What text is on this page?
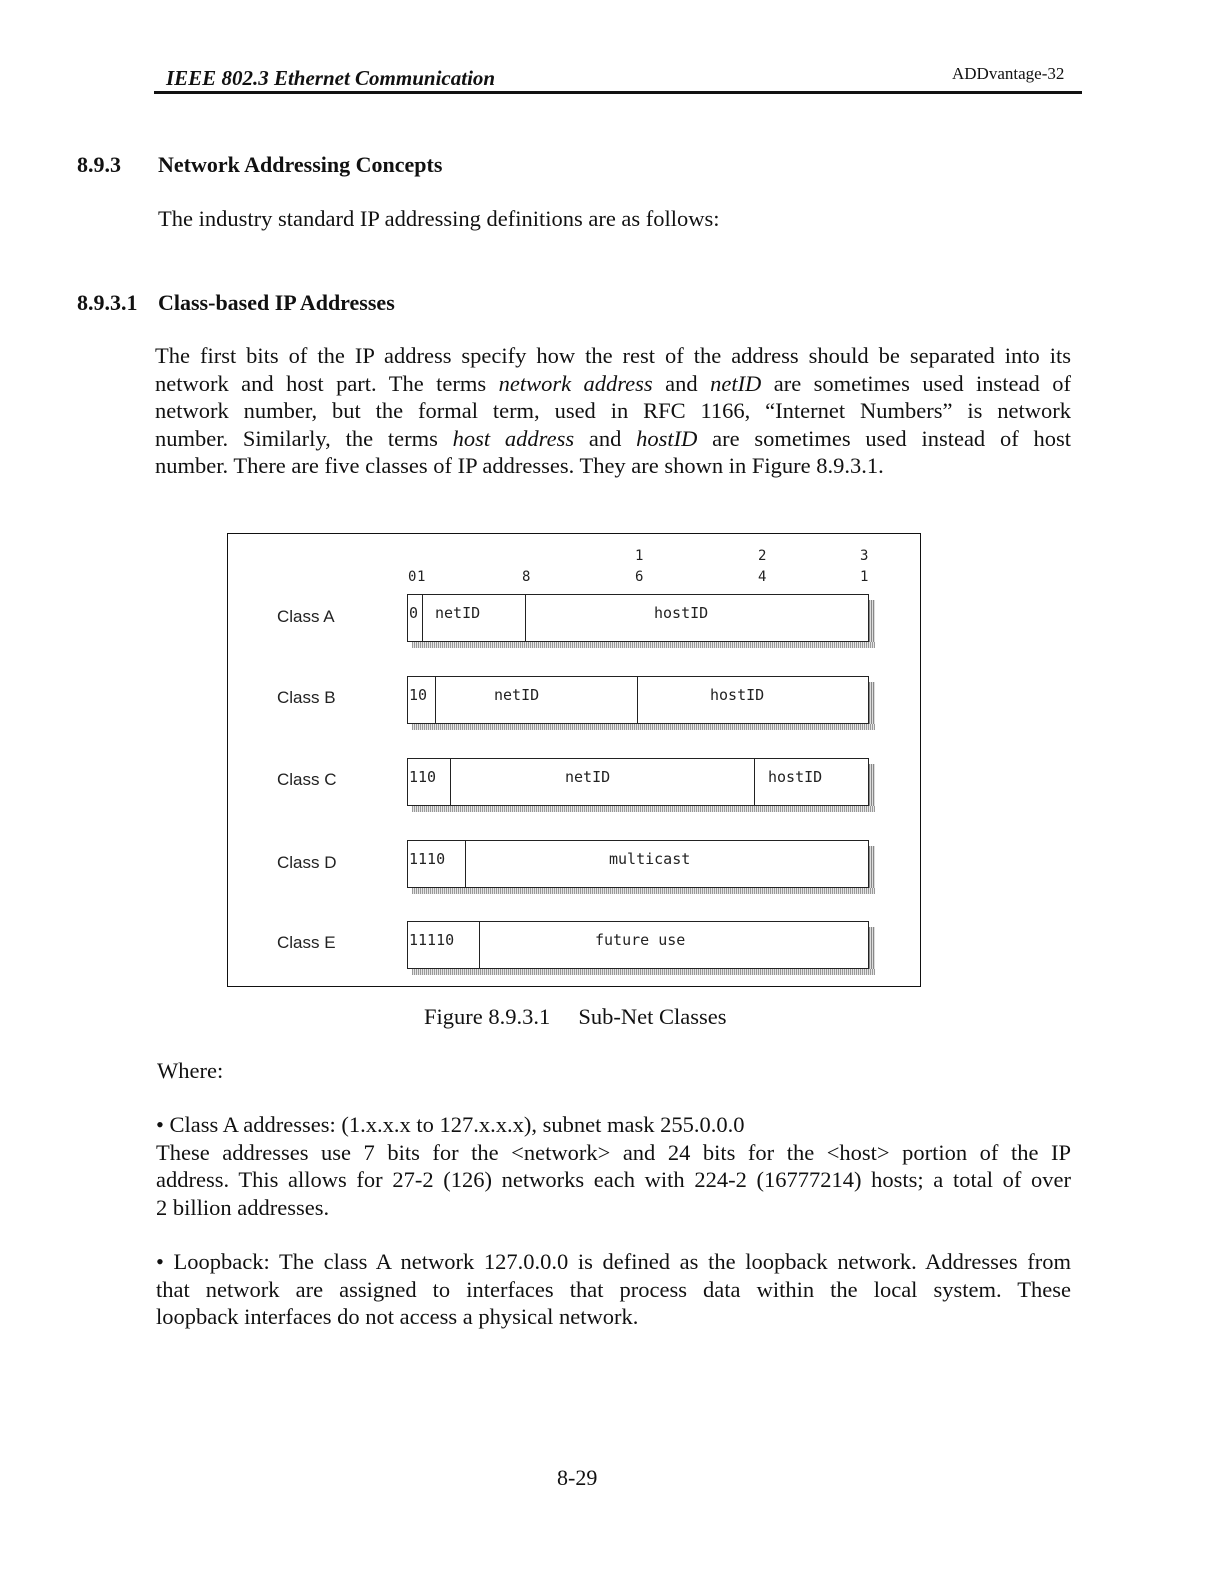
IEEE 802.3 Ethernet Communication	ADDvantage-32
8.9.3 Network Addressing Concepts
The industry standard IP addressing definitions are as follows:
8.9.3.1 Class-based IP Addresses
The first bits of the IP address specify how the rest of the address should be separated into its
network and host part. The terms network address and netID are sometimes used instead of
network number, but the formal term, used in RFC 1166, “Internet Numbers” is network
number. Similarly, the terms host address and hostID are sometimes used instead of host
number. There are five classes of IP addresses. They are shown in Figure 8.9.3.1.
0 1	8
1
6
2
4
3
1
Class A	0 netID	hostID
Class B	10	netID	hostID
Class C	110	netID	hostID
Class D	1110	multicast
Class E	11110	future use
Figure 8.9.3.1 Sub-Net Classes
Where:
• Class A addresses: (1.x.x.x to 127.x.x.x), subnet mask 255.0.0.0
These addresses use 7 bits for the <network> and 24 bits for the <host> portion of the IP
address. This allows for 27-2 (126) networks each with 224-2 (16777214) hosts; a total of over
2 billion addresses.
• Loopback: The class A network 127.0.0.0 is defined as the loopback network. Addresses from
that network are assigned to interfaces that process data within the local system. These
loopback interfaces do not access a physical network.
8-29
